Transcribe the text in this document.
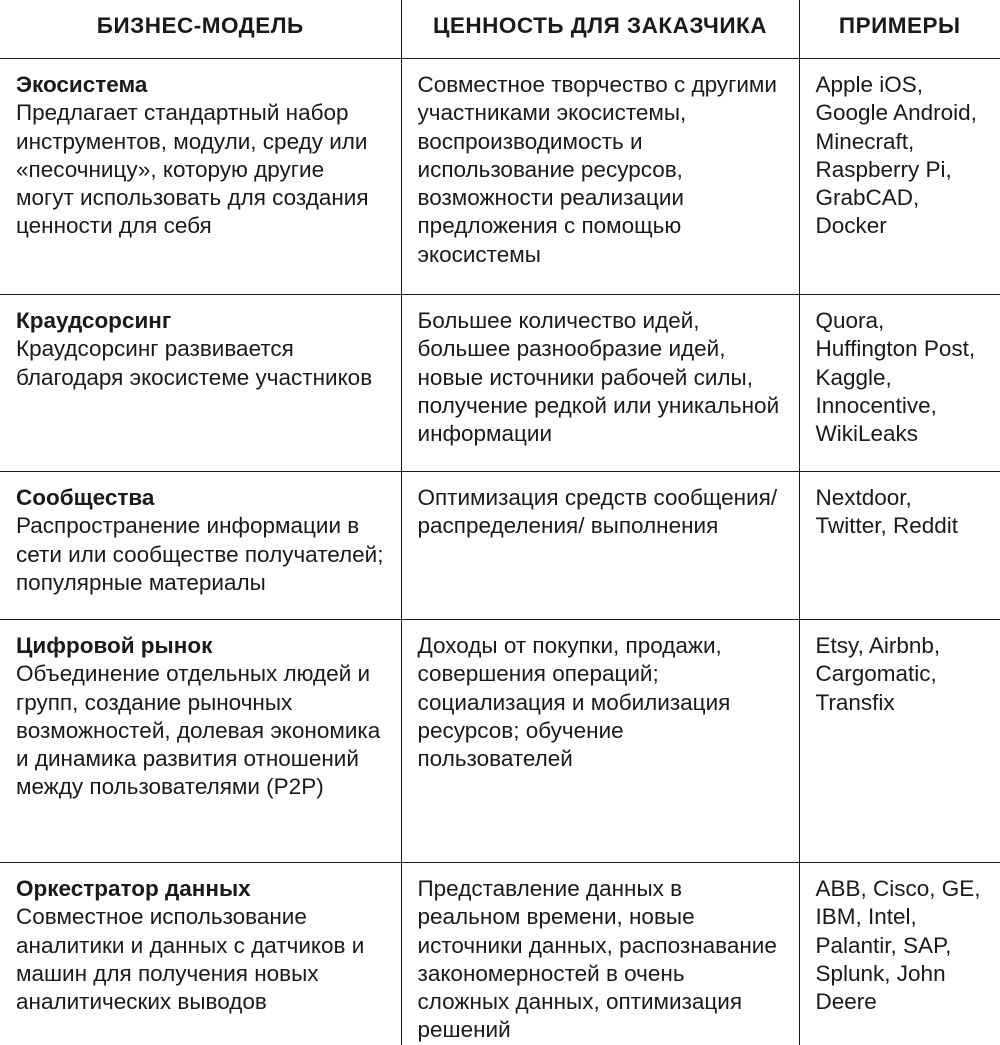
БИЗНЕС-МОДЕЛЬ	ЦЕННОСТЬ ДЛЯ ЗАКАЗЧИКА	ПРИМЕРЫ

Экосистема
Предлагает стандартный набор инструментов, модули, среду или «песочницу», которую другие могут использовать для создания ценности для себя	Совместное творчество с другими участниками экосистемы, воспроизводимость и использование ресурсов, возможности реализации предложения с помощью экосистемы	Apple iOS, Google Android, Minecraft, Raspberry Pi, GrabCAD, Docker

Краудсорсинг
Краудсорсинг развивается благодаря экосистеме участников	Большее количество идей, большее разнообразие идей, новые источники рабочей силы, получение редкой или уникальной информации	Quora, Huffington Post, Kaggle, Innocentive, WikiLeaks

Сообщества
Распространение информации в сети или сообществе получателей; популярные материалы	Оптимизация средств сообщения/распределения/ выполнения	Nextdoor, Twitter, Reddit

Цифровой рынок
Объединение отдельных людей и групп, создание рыночных возможностей, долевая экономика и динамика развития отношений между пользователями (P2P)	Доходы от покупки, продажи, совершения операций; социализация и мобилизация ресурсов; обучение пользователей	Etsy, Airbnb, Cargomatic, Transfix

Оркестратор данных
Совместное использование аналитики и данных с датчиков и машин для получения новых аналитических выводов	Представление данных в реальном времени, новые источники данных, распознавание закономерностей в очень сложных данных, оптимизация решений	ABB, Cisco, GE, IBM, Intel, Palantir, SAP, Splunk, John Deere
